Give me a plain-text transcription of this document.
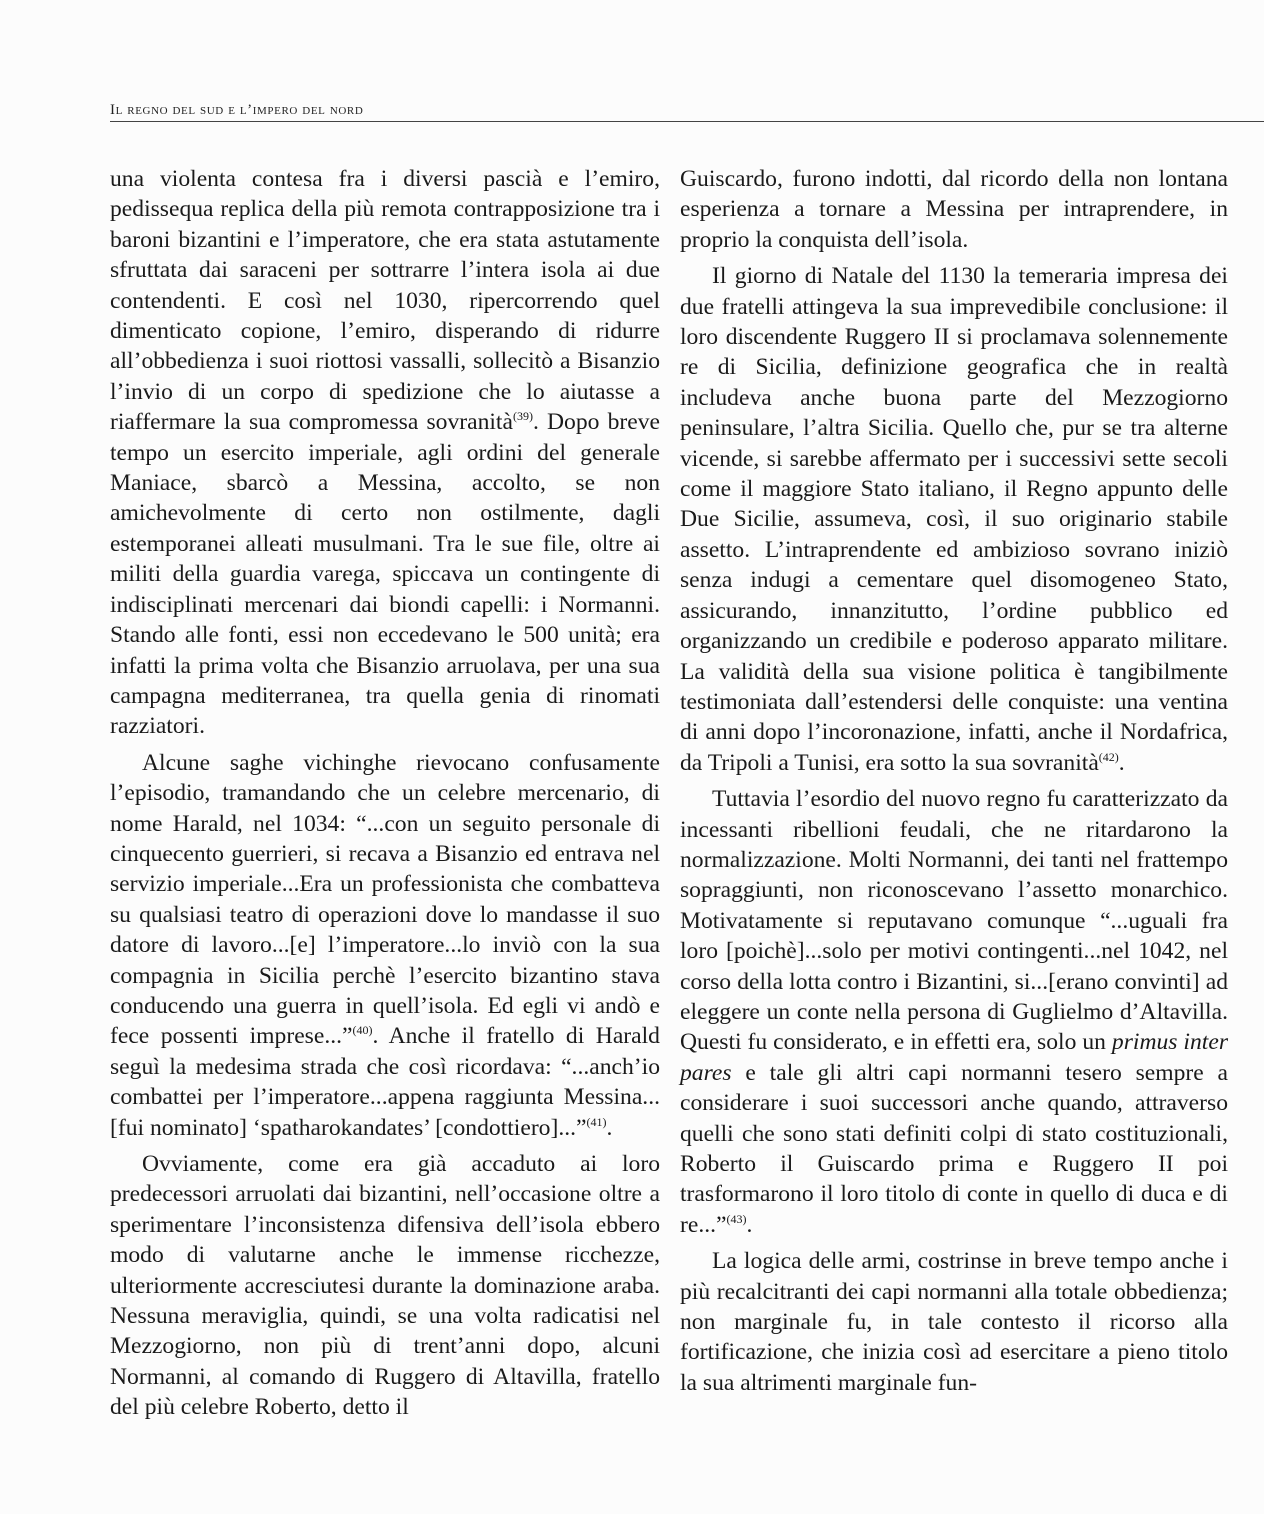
Il regno del sud e l’impero del nord

una violenta contesa fra i diversi pascià e l’emiro, pedissequa replica della più remota contrapposizione tra i baroni bizantini e l’imperatore, che era stata astutamente sfruttata dai saraceni per sottrarre l’intera isola ai due contendenti. E così nel 1030, ripercorrendo quel dimenticato copione, l’emiro, disperando di ridurre all’obbedienza i suoi riottosi vassalli, sollecitò a Bisanzio l’invio di un corpo di spedizione che lo aiutasse a riaffermare la sua compromessa sovranità$^{(39)}$. Dopo breve tempo un esercito imperiale, agli ordini del generale Maniace, sbarcò a Messina, accolto, se non amichevolmente di certo non ostilmente, dagli estemporanei alleati musulmani. Tra le sue file, oltre ai militi della guardia varega, spiccava un contingente di indisciplinati mercenari dai biondi capelli: i Normanni. Stando alle fonti, essi non eccedevano le 500 unità; era infatti la prima volta che Bisanzio arruolava, per una sua campagna mediterranea, tra quella genia di rinomati razziatori.

Alcune saghe vichinghe rievocano confusamente l’episodio, tramandando che un celebre mercenario, di nome Harald, nel 1034: “...con un seguito personale di cinquecento guerrieri, si recava a Bisanzio ed entrava nel servizio imperiale...Era un professionista che combatteva su qualsiasi teatro di operazioni dove lo mandasse il suo datore di lavoro...[e] l’imperatore...lo inviò con la sua compagnia in Sicilia perchè l’esercito bizantino stava conducendo una guerra in quell’isola. Ed egli vi andò e fece possenti imprese...”$^{(40)}$. Anche il fratello di Harald seguì la medesima strada che così ricordava: “...anch’io combattei per l’imperatore...appena raggiunta Messina...[fui nominato] ‘spatharokandates’ [condottiero]...”$^{(41)}$.

Ovviamente, come era già accaduto ai loro predecessori arruolati dai bizantini, nell’occasione oltre a sperimentare l’inconsistenza difensiva dell’isola ebbero modo di valutarne anche le immense ricchezze, ulteriormente accresciutesi durante la dominazione araba. Nessuna meraviglia, quindi, se una volta radicatisi nel Mezzogiorno, non più di trent’anni dopo, alcuni Normanni, al comando di Ruggero di Altavilla, fratello del più celebre Roberto, detto il

Guiscardo, furono indotti, dal ricordo della non lontana esperienza a tornare a Messina per intraprendere, in proprio la conquista dell’isola.

Il giorno di Natale del 1130 la temeraria impresa dei due fratelli attingeva la sua imprevedibile conclusione: il loro discendente Ruggero II si proclamava solennemente re di Sicilia, definizione geografica che in realtà includeva anche buona parte del Mezzogiorno peninsulare, l’altra Sicilia. Quello che, pur se tra alterne vicende, si sarebbe affermato per i successivi sette secoli come il maggiore Stato italiano, il Regno appunto delle Due Sicilie, assumeva, così, il suo originario stabile assetto. L’intraprendente ed ambizioso sovrano iniziò senza indugi a cementare quel disomogeneo Stato, assicurando, innanzitutto, l’ordine pubblico ed organizzando un credibile e poderoso apparato militare. La validità della sua visione politica è tangibilmente testimoniata dall’estendersi delle conquiste: una ventina di anni dopo l’incoronazione, infatti, anche il Nordafrica, da Tripoli a Tunisi, era sotto la sua sovranità$^{(42)}$.

Tuttavia l’esordio del nuovo regno fu caratterizzato da incessanti ribellioni feudali, che ne ritardarono la normalizzazione. Molti Normanni, dei tanti nel frattempo sopraggiunti, non riconoscevano l’assetto monarchico. Motivatamente si reputavano comunque “...uguali fra loro [poichè]...solo per motivi contingenti...nel 1042, nel corso della lotta contro i Bizantini, si...[erano convinti] ad eleggere un conte nella persona di Guglielmo d’Altavilla. Questi fu considerato, e in effetti era, solo un primus inter pares e tale gli altri capi normanni tesero sempre a considerare i suoi successori anche quando, attraverso quelli che sono stati definiti colpi di stato costituzionali, Roberto il Guiscardo prima e Ruggero II poi trasformarono il loro titolo di conte in quello di duca e di re...”$^{(43)}$.

La logica delle armi, costrinse in breve tempo anche i più recalcitranti dei capi normanni alla totale obbedienza; non marginale fu, in tale contesto il ricorso alla fortificazione, che inizia così ad esercitare a pieno titolo la sua altrimenti marginale fun-
